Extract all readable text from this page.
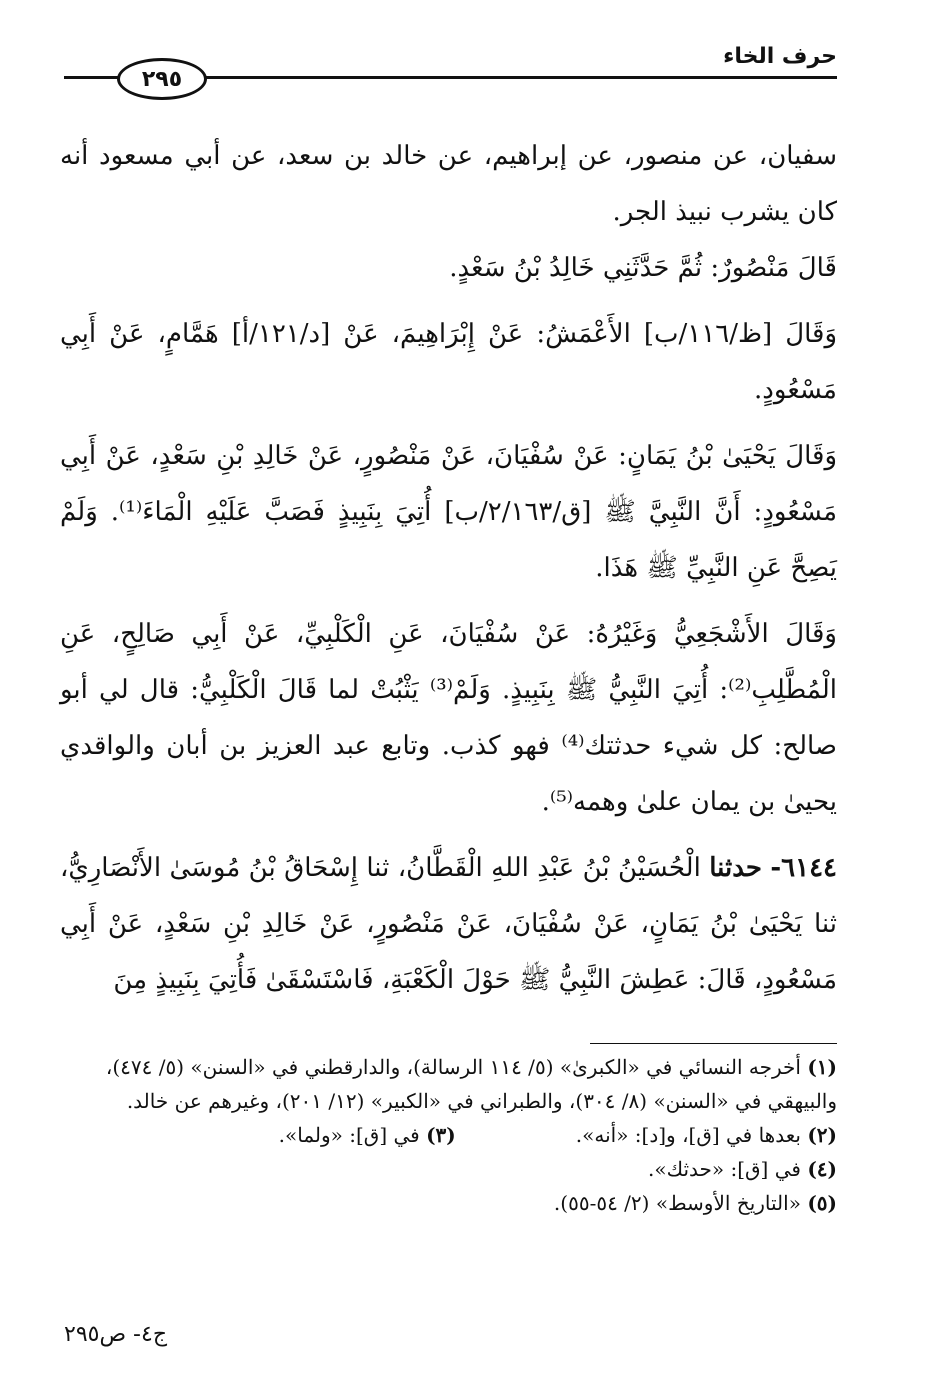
حرف الخاء
٢٩٥

سفيان، عن منصور، عن إبراهيم، عن خالد بن سعد، عن أبي مسعود أنه كان يشرب نبيذ الجر.

قَالَ مَنْصُورٌ: ثُمَّ حَدَّثَنِي خَالِدُ بْنُ سَعْدٍ.

وَقَالَ [ظ/١١٦/ب] الأَعْمَشُ: عَنْ إِبْرَاهِيمَ، عَنْ [د/١٢١/أ] هَمَّامٍ، عَنْ أَبِي مَسْعُودٍ.

وَقَالَ يَحْيَىٰ بْنُ يَمَانٍ: عَنْ سُفْيَانَ، عَنْ مَنْصُورٍ، عَنْ خَالِدِ بْنِ سَعْدٍ، عَنْ أَبِي مَسْعُودٍ: أَنَّ النَّبِيَّ ﷺ [ق/٢/١٦٣/ب] أُتِيَ بِنَبِيذٍ فَصَبَّ عَلَيْهِ الْمَاءَ⁽¹⁾. وَلَمْ يَصِحَّ عَنِ النَّبِيِّ ﷺ هَذَا.

وَقَالَ الأَشْجَعِيُّ وَغَيْرُهُ: عَنْ سُفْيَانَ، عَنِ الْكَلْبِيِّ، عَنْ أَبِي صَالِحٍ، عَنِ الْمُطَّلِبِ⁽²⁾: أُتِيَ النَّبِيُّ ﷺ بِنَبِيذٍ. وَلَمْ⁽³⁾ يَثْبُتْ لما قَالَ الْكَلْبِيُّ: قال لي أبو صالح: كل شيء حدثتك⁽⁴⁾ فهو كذب. وتابع عبد العزيز بن أبان والواقدي يحيىٰ بن يمان علىٰ وهمه⁽⁵⁾.

٦١٤٤- حدثنا الْحُسَيْنُ بْنُ عَبْدِ اللهِ الْقَطَّانُ، ثنا إِسْحَاقُ بْنُ مُوسَىٰ الأَنْصَارِيُّ، ثنا يَحْيَىٰ بْنُ يَمَانٍ، عَنْ سُفْيَانَ، عَنْ مَنْصُورٍ، عَنْ خَالِدِ بْنِ سَعْدٍ، عَنْ أَبِي مَسْعُودٍ، قَالَ: عَطِشَ النَّبِيُّ ﷺ حَوْلَ الْكَعْبَةِ، فَاسْتَسْقَىٰ فَأُتِيَ بِنَبِيذٍ مِنَ

(١) أخرجه النسائي في «الكبرىٰ» (٥/ ١١٤ الرسالة)، والدارقطني في «السنن» (٥/ ٤٧٤)، والبيهقي في «السنن» (٨/ ٣٠٤)، والطبراني في «الكبير» (١٢/ ٢٠١)، وغيرهم عن خالد.

(٢) بعدها في [ق]، و[د]: «أنه».
(٣) في [ق]: «ولما».

(٤) في [ق]: «حدثك».

(٥) «التاريخ الأوسط» (٢/ ٥٤-٥٥).

ج٤- ص٢٩٥
